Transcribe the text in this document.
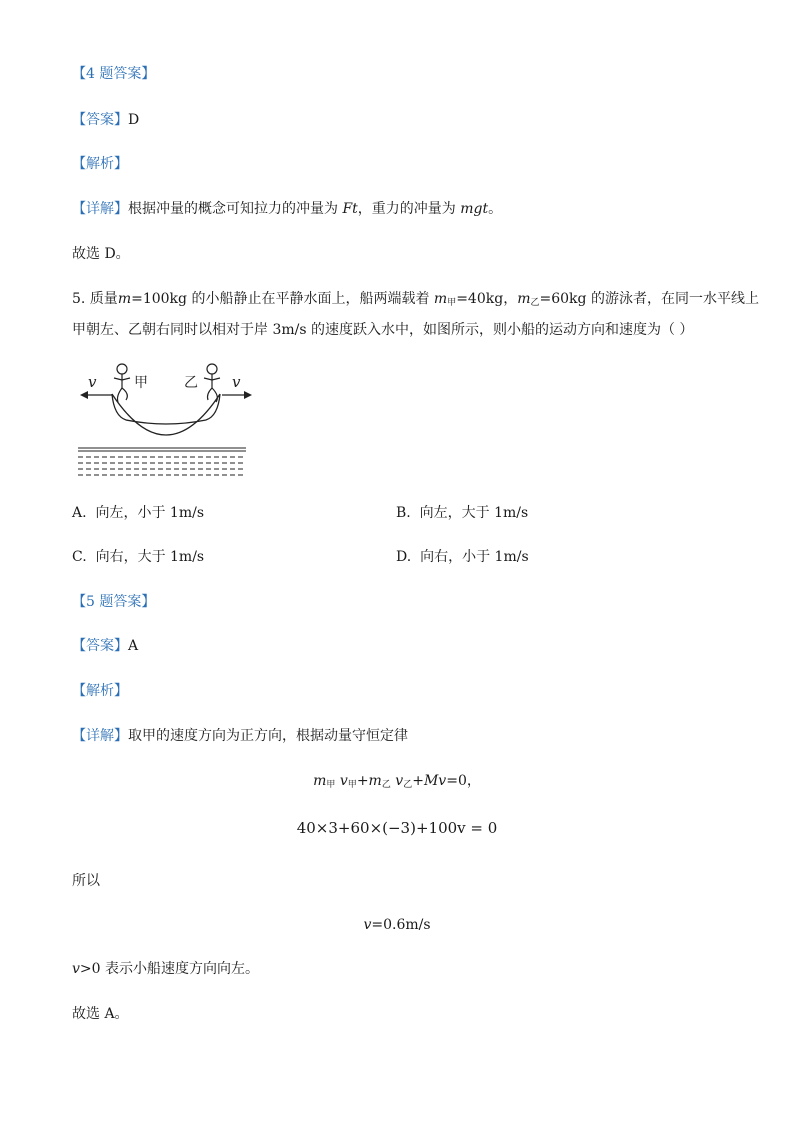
【4 题答案】
【答案】D
【解析】
【详解】根据冲量的概念可知拉力的冲量为 Ft，重力的冲量为 mgt。
故选 D。
5. 质量m=100kg 的小船静止在平静水面上，船两端载着 $m_甲=40kg$，$m_乙=60kg$ 的游泳者，在同一水平线上
甲朝左、乙朝右同时以相对于岸 3m/s 的速度跃入水中，如图所示，则小船的运动方向和速度为（ ）
v	甲	乙 v
A. 向左，小于 1m/s	B. 向左，大于 1m/s
C. 向右，大于 1m/s	D. 向右，小于 1m/s
【5 题答案】
【答案】A
【解析】
【详解】取甲的速度方向为正方向，根据动量守恒定律
$m_甲$ $v_甲+m_乙$ $v_乙+Mv=0$，
40×3+60×(−3)+100v = 0
所以
v=0.6m/s
v>0 表示小船速度方向向左。
故选 A。
